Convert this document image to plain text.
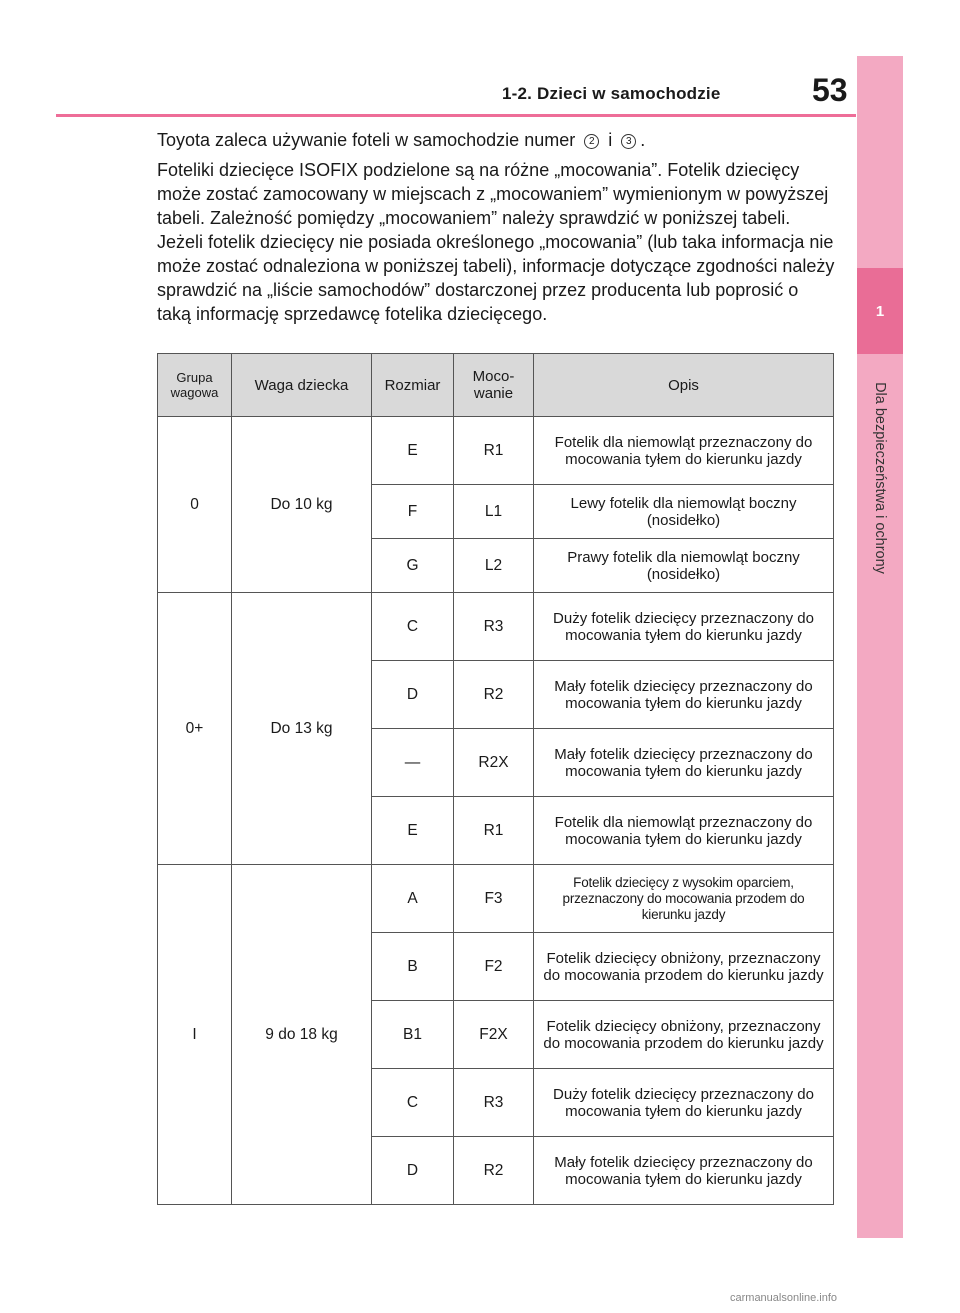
1
Dla bezpieczeństwa i ochrony
1-2. Dzieci w samochodzie	53

Toyota zaleca używanie foteli w samochodzie numer 2 i 3 .

Foteliki dziecięce ISOFIX podzielone są na różne „mocowania”. Fotelik dziecięcy może zostać zamocowany w miejscach z „mocowaniem” wymienionym w powyższej tabeli. Zależność pomiędzy „mocowaniem” należy sprawdzić w poniższej tabeli. Jeżeli fotelik dziecięcy nie posiada określonego „mocowania” (lub taka informacja nie może zostać odnaleziona w poniższej tabeli), informacje dotyczące zgodności należy sprawdzić na „liście samochodów” dostarczonej przez producenta lub poprosić o taką informację sprzedawcę fotelika dziecięcego.

Grupa wagowa	Waga dziecka	Rozmiar	Moco- wanie	Opis
0	Do 10 kg	E	R1	Fotelik dla niemowląt przeznaczony do mocowania tyłem do kierunku jazdy
		F	L1	Lewy fotelik dla niemowląt boczny (nosidełko)
		G	L2	Prawy fotelik dla niemowląt boczny (nosidełko)
0+	Do 13 kg	C	R3	Duży fotelik dziecięcy przeznaczony do mocowania tyłem do kierunku jazdy
		D	R2	Mały fotelik dziecięcy przeznaczony do mocowania tyłem do kierunku jazdy
		—	R2X	Mały fotelik dziecięcy przeznaczony do mocowania tyłem do kierunku jazdy
		E	R1	Fotelik dla niemowląt przeznaczony do mocowania tyłem do kierunku jazdy
I	9 do 18 kg	A	F3	Fotelik dziecięcy z wysokim oparciem, przeznaczony do mocowania przodem do kierunku jazdy
		B	F2	Fotelik dziecięcy obniżony, przeznaczony do mocowania przodem do kierunku jazdy
		B1	F2X	Fotelik dziecięcy obniżony, przeznaczony do mocowania przodem do kierunku jazdy
		C	R3	Duży fotelik dziecięcy przeznaczony do mocowania tyłem do kierunku jazdy
		D	R2	Mały fotelik dziecięcy przeznaczony do mocowania tyłem do kierunku jazdy
carmanualsonline.info
